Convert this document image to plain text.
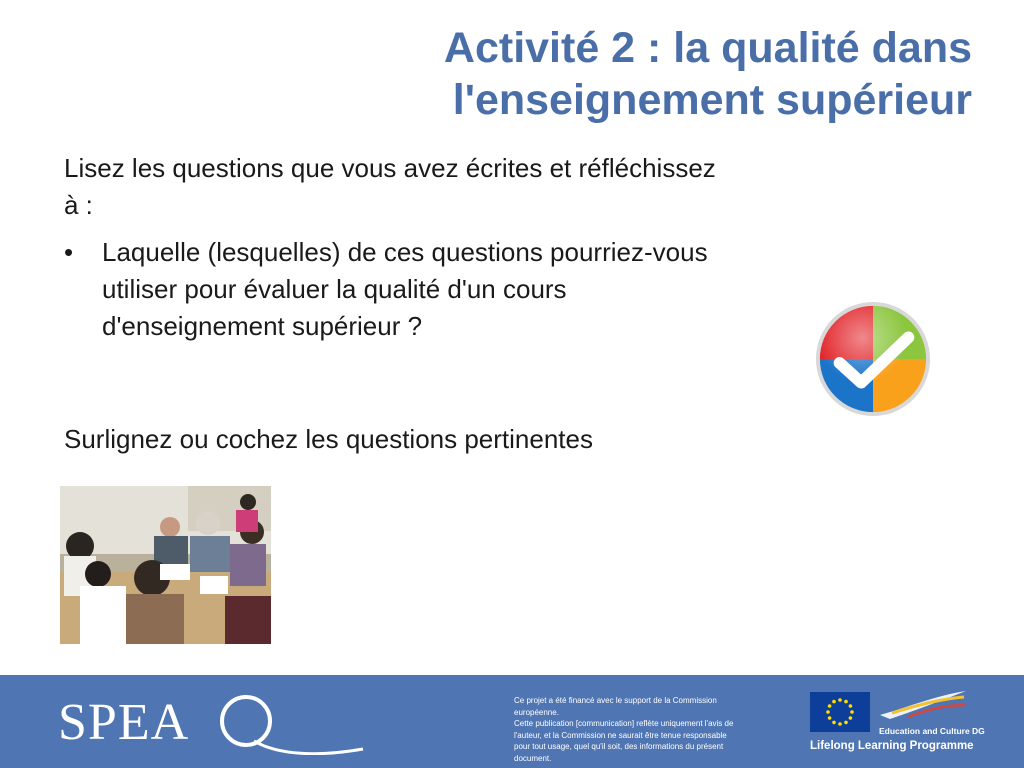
Activité 2 : la qualité dans
l'enseignement supérieur

Lisez les questions que vous avez écrites et réfléchissez
à :

• Laquelle (lesquelles) de ces questions pourriez-vous
utiliser pour évaluer la qualité d'un cours
d'enseignement supérieur ?

Surlignez ou cochez les questions pertinentes

SPEA	Ce projet a été financé avec le support de la Commission

européenne.

Cette publication [communication] reflète uniquement l'avis de

l'auteur, et la Commission ne saurait être tenue responsable

pour tout usage, quel qu'il soit, des informations du présent

document.

Education and Culture DG
Lifelong Learning Programme
